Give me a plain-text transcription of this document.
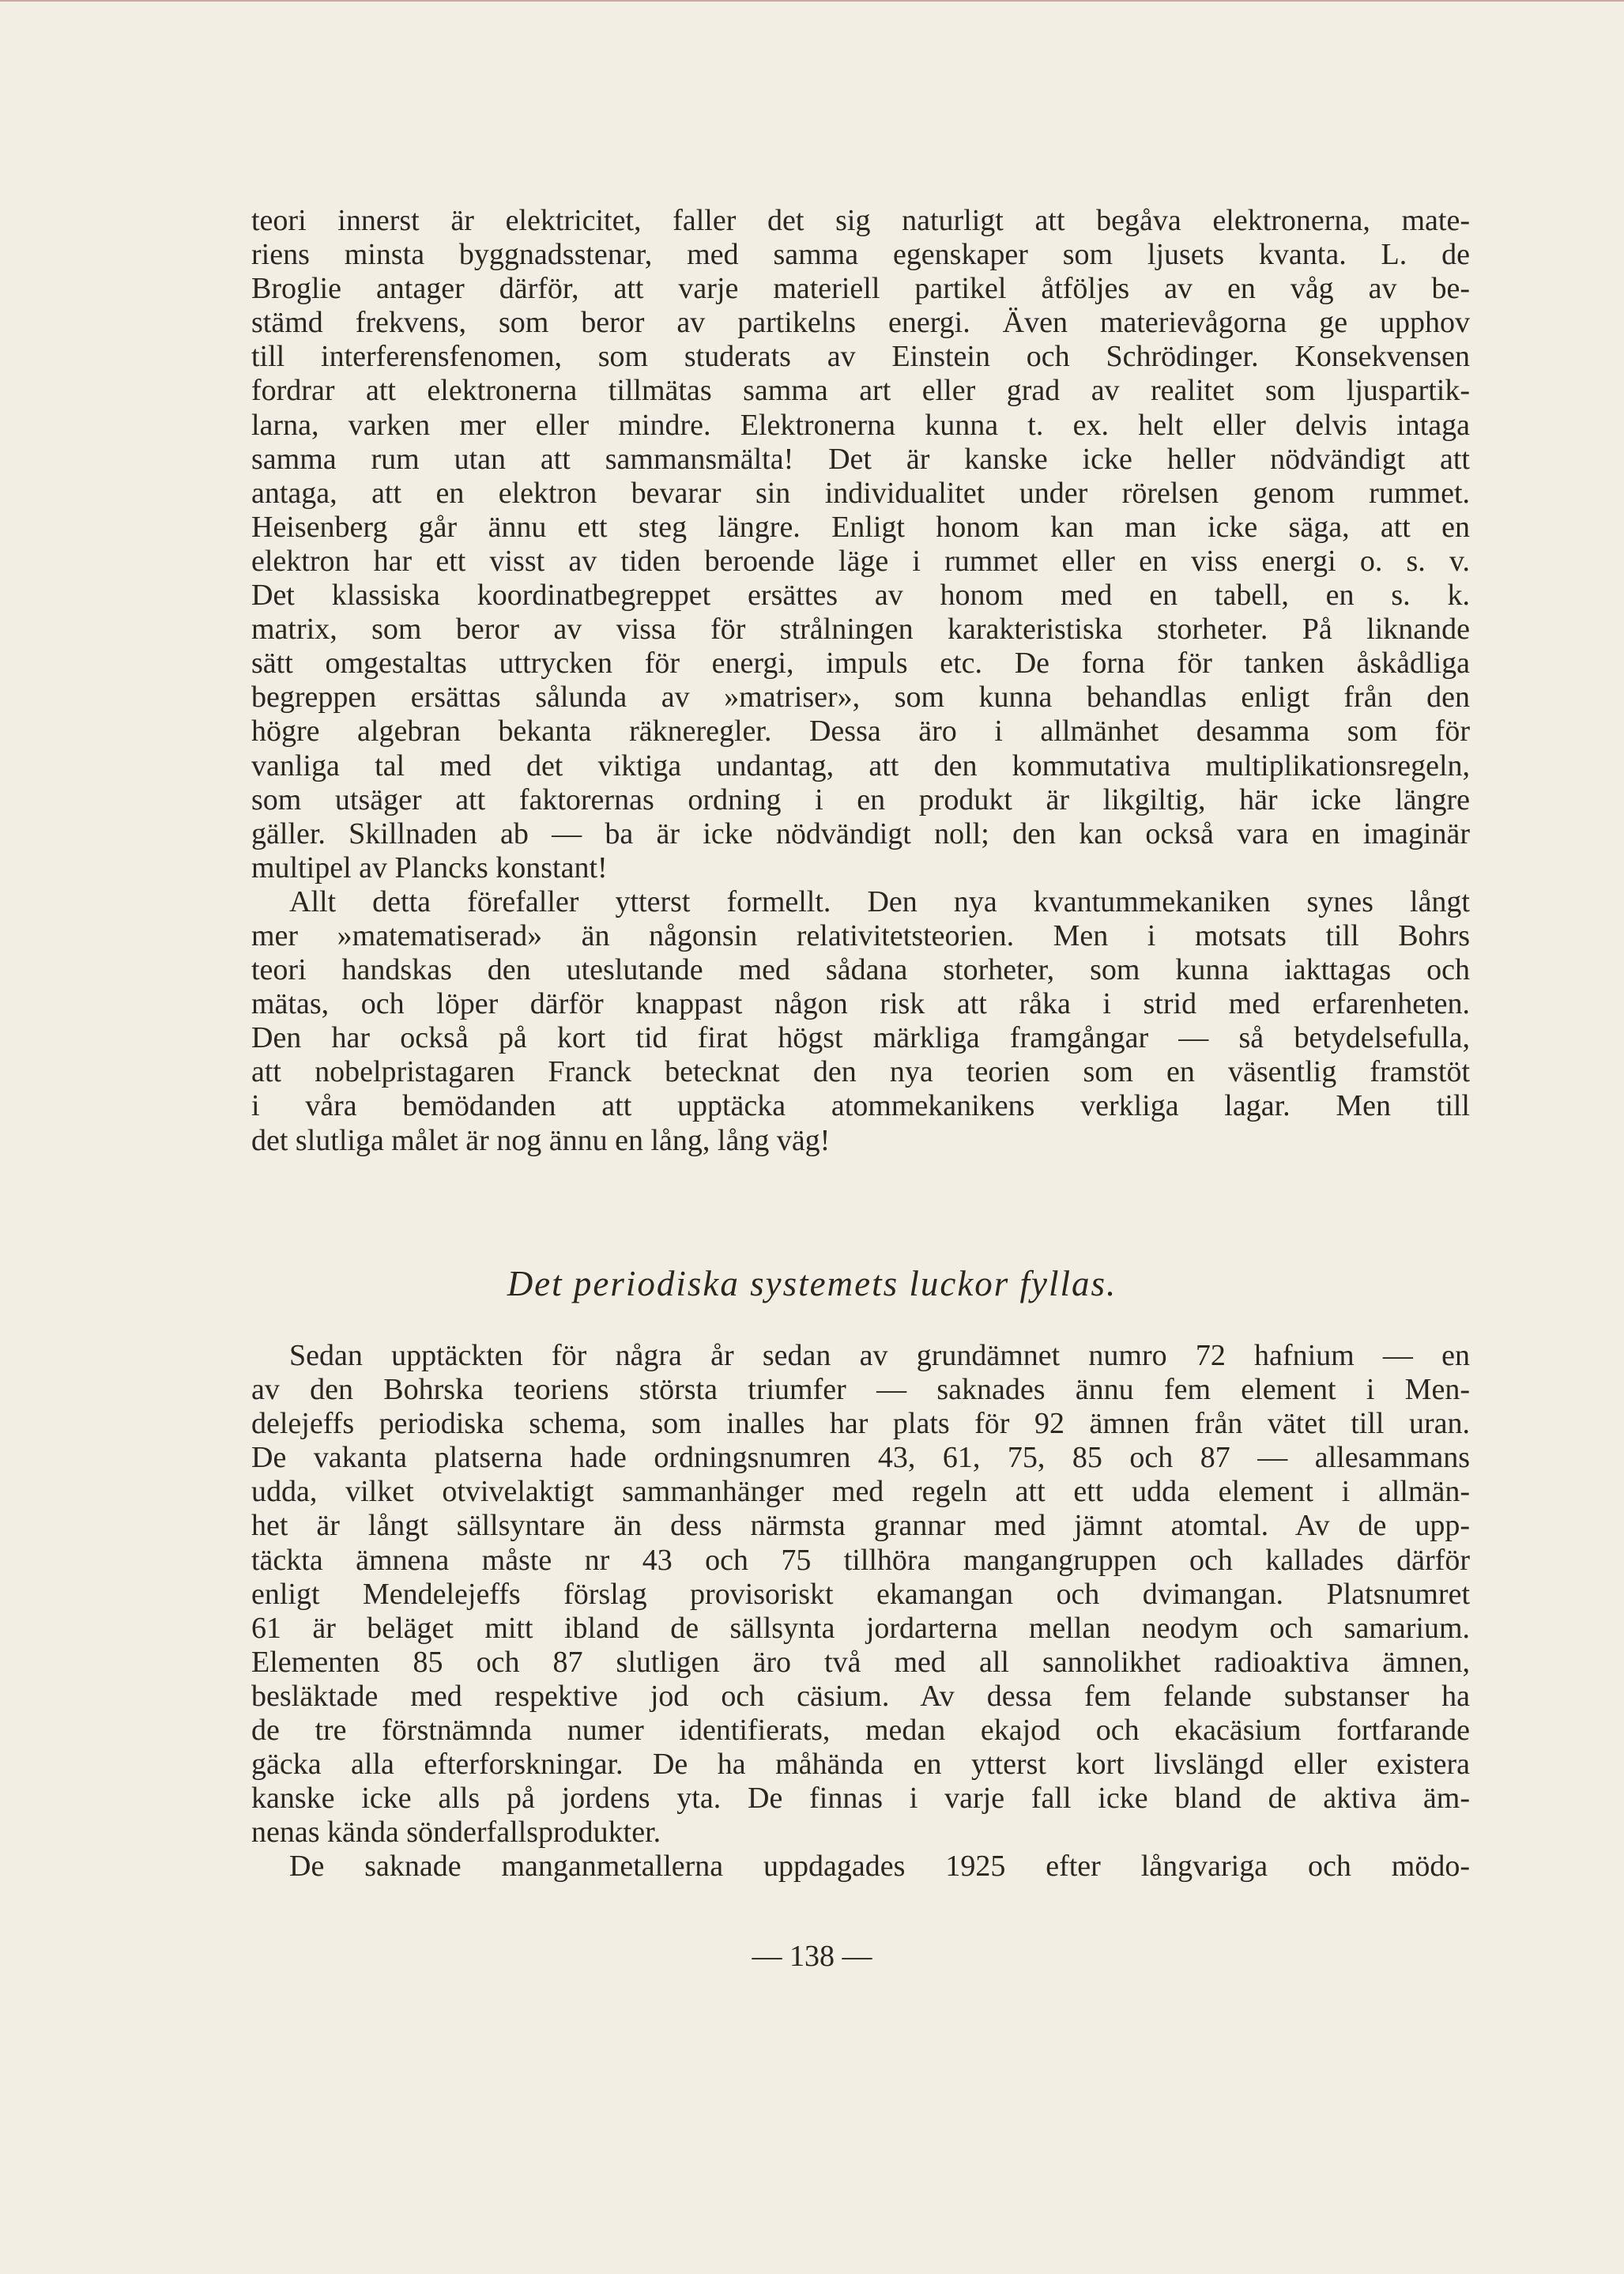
teori innerst är elektricitet, faller det sig naturligt att begåva elektronerna, mate-
riens minsta byggnadsstenar, med samma egenskaper som ljusets kvanta. L. de
Broglie antager därför, att varje materiell partikel åtföljes av en våg av be-
stämd frekvens, som beror av partikelns energi. Även materievågorna ge upphov
till interferensfenomen, som studerats av Einstein och Schrödinger. Konsekvensen
fordrar att elektronerna tillmätas samma art eller grad av realitet som ljuspartik-
larna, varken mer eller mindre. Elektronerna kunna t. ex. helt eller delvis intaga
samma rum utan att sammansmälta! Det är kanske icke heller nödvändigt att
antaga, att en elektron bevarar sin individualitet under rörelsen genom rummet.
Heisenberg går ännu ett steg längre. Enligt honom kan man icke säga, att en
elektron har ett visst av tiden beroende läge i rummet eller en viss energi o. s. v.
Det klassiska koordinatbegreppet ersättes av honom med en tabell, en s. k.
matrix, som beror av vissa för strålningen karakteristiska storheter. På liknande
sätt omgestaltas uttrycken för energi, impuls etc. De forna för tanken åskådliga
begreppen ersättas sålunda av »matriser», som kunna behandlas enligt från den
högre algebran bekanta räkneregler. Dessa äro i allmänhet desamma som för
vanliga tal med det viktiga undantag, att den kommutativa multiplikationsregeln,
som utsäger att faktorernas ordning i en produkt är likgiltig, här icke längre
gäller. Skillnaden ab — ba är icke nödvändigt noll; den kan också vara en imaginär
multipel av Plancks konstant!
Allt detta förefaller ytterst formellt. Den nya kvantummekaniken synes långt
mer »matematiserad» än någonsin relativitetsteorien. Men i motsats till Bohrs
teori handskas den uteslutande med sådana storheter, som kunna iakttagas och
mätas, och löper därför knappast någon risk att råka i strid med erfarenheten.
Den har också på kort tid firat högst märkliga framgångar — så betydelsefulla,
att nobelpristagaren Franck betecknat den nya teorien som en väsentlig framstöt
i våra bemödanden att upptäcka atommekanikens verkliga lagar. Men till
det slutliga målet är nog ännu en lång, lång väg!
Det periodiska systemets luckor fyllas.
Sedan upptäckten för några år sedan av grundämnet numro 72 hafnium — en
av den Bohrska teoriens största triumfer — saknades ännu fem element i Men-
delejeffs periodiska schema, som inalles har plats för 92 ämnen från vätet till uran.
De vakanta platserna hade ordningsnumren 43, 61, 75, 85 och 87 — allesammans
udda, vilket otvivelaktigt sammanhänger med regeln att ett udda element i allmän-
het är långt sällsyntare än dess närmsta grannar med jämnt atomtal. Av de upp-
täckta ämnena måste nr 43 och 75 tillhöra mangangruppen och kallades därför
enligt Mendelejeffs förslag provisoriskt ekamangan och dvimangan. Platsnumret
61 är beläget mitt ibland de sällsynta jordarterna mellan neodym och samarium.
Elementen 85 och 87 slutligen äro två med all sannolikhet radioaktiva ämnen,
besläktade med respektive jod och cäsium. Av dessa fem felande substanser ha
de tre förstnämnda numer identifierats, medan ekajod och ekacäsium fortfarande
gäcka alla efterforskningar. De ha måhända en ytterst kort livslängd eller existera
kanske icke alls på jordens yta. De finnas i varje fall icke bland de aktiva äm-
nenas kända sönderfallsprodukter.
De saknade manganmetallerna uppdagades 1925 efter långvariga och mödo-
— 138 —
